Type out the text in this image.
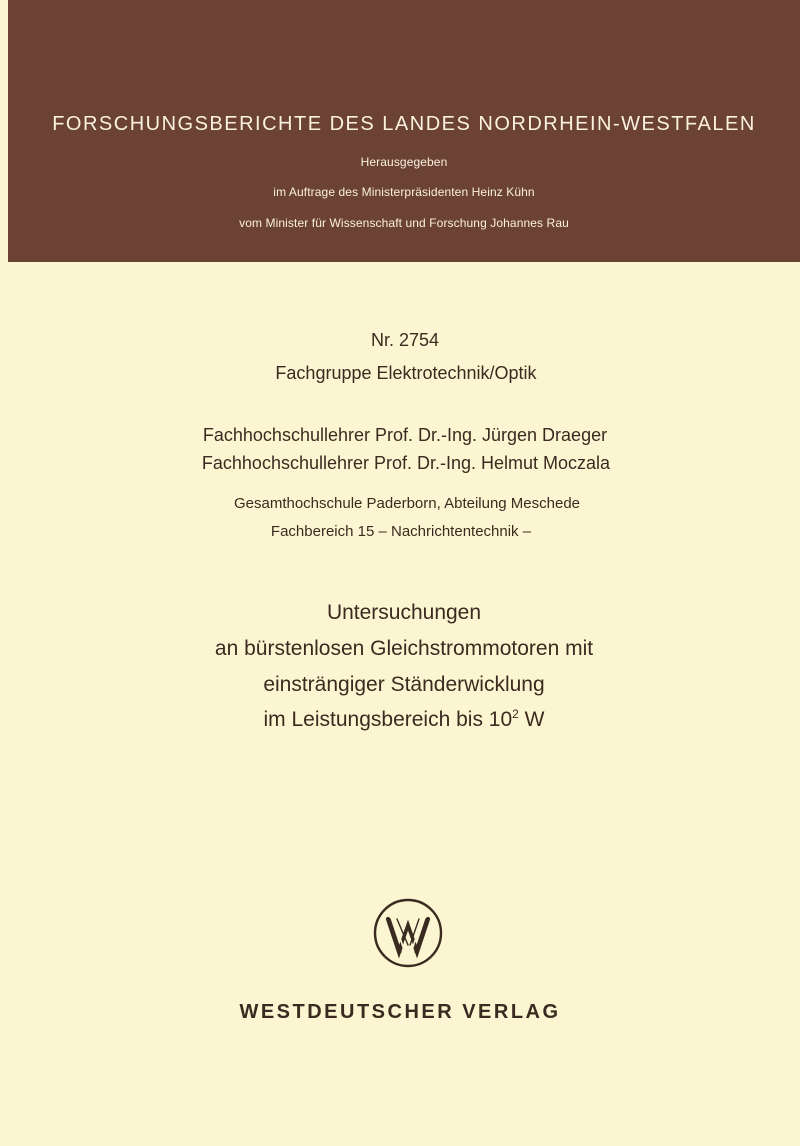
FORSCHUNGSBERICHTE DES LANDES NORDRHEIN-WESTFALEN
Herausgegeben
im Auftrage des Ministerpräsidenten Heinz Kühn
vom Minister für Wissenschaft und Forschung Johannes Rau
Nr. 2754
Fachgruppe Elektrotechnik/Optik
Fachhochschullehrer Prof. Dr.-Ing. Jürgen Draeger
Fachhochschullehrer Prof. Dr.-Ing. Helmut Moczala
Gesamthochschule Paderborn, Abteilung Meschede
Fachbereich 15 – Nachrichtentechnik –
Untersuchungen
an bürstenlosen Gleichstrommotoren mit
einsträngiger Ständerwicklung
im Leistungsbereich bis $10^2$ W
WESTDEUTSCHER VERLAG
